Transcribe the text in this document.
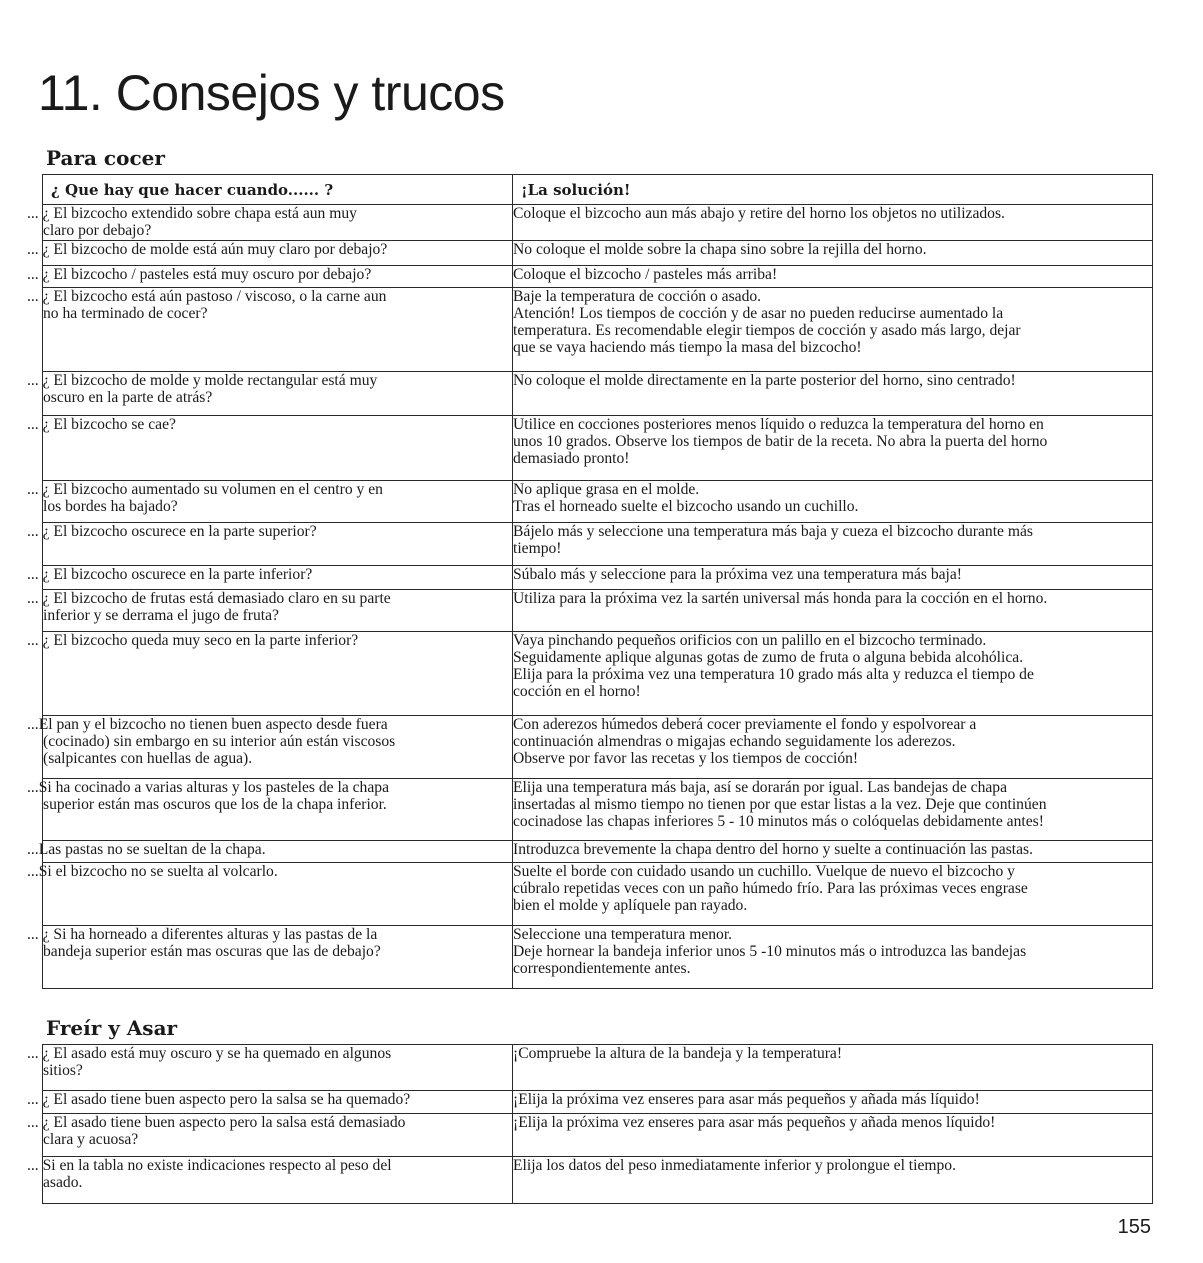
11. Consejos y trucos
Para cocer
¿ Que hay que hacer cuando...... ?	¡La solución!
... ¿ El bizcocho extendido sobre chapa está aun muy
claro por debajo?	Coloque el bizcocho aun más abajo y retire del horno los objetos no utilizados.
... ¿ El bizcocho de molde está aún muy claro por debajo?	No coloque el molde sobre la chapa sino sobre la rejilla del horno.
... ¿ El bizcocho / pasteles está muy oscuro por debajo?	Coloque el bizcocho / pasteles más arriba!
... ¿ El bizcocho está aún pastoso / viscoso, o la carne aun
no ha terminado de cocer?	Baje la temperatura de cocción o asado.
Atención! Los tiempos de cocción y de asar no pueden reducirse aumentado la
temperatura. Es recomendable elegir tiempos de cocción y asado más largo, dejar
que se vaya haciendo más tiempo la masa del bizcocho!
... ¿ El bizcocho de molde y molde rectangular está muy
oscuro en la parte de atrás?	No coloque el molde directamente en la parte posterior del horno, sino centrado!
... ¿ El bizcocho se cae?	Utilice en cocciones posteriores menos líquido o reduzca la temperatura del horno en
unos 10 grados. Observe los tiempos de batir de la receta. No abra la puerta del horno
demasiado pronto!
... ¿ El bizcocho aumentado su volumen en el centro y en
los bordes ha bajado?	No aplique grasa en el molde.
Tras el horneado suelte el bizcocho usando un cuchillo.
... ¿ El bizcocho oscurece en la parte superior?	Bájelo más y seleccione una temperatura más baja y cueza el bizcocho durante más
tiempo!
... ¿ El bizcocho oscurece en la parte inferior?	Súbalo más y seleccione para la próxima vez una temperatura más baja!
... ¿ El bizcocho de frutas está demasiado claro en su parte
inferior y se derrama el jugo de fruta?	Utiliza para la próxima vez la sartén universal más honda para la cocción en el horno.
... ¿ El bizcocho queda muy seco en la parte inferior?	Vaya pinchando pequeños orificios con un palillo en el bizcocho terminado.
Seguidamente aplique algunas gotas de zumo de fruta o alguna bebida alcohólica.
Elija para la próxima vez una temperatura 10 grado más alta y reduzca el tiempo de
cocción en el horno!
...El pan y el bizcocho no tienen buen aspecto desde fuera
(cocinado) sin embargo en su interior aún están viscosos
(salpicantes con huellas de agua).	Con aderezos húmedos deberá cocer previamente el fondo y espolvorear a
continuación almendras o migajas echando seguidamente los aderezos.
Observe por favor las recetas y los tiempos de cocción!
...Si ha cocinado a varias alturas y los pasteles de la chapa
superior están mas oscuros que los de la chapa inferior.	Elija una temperatura más baja, así se dorarán por igual. Las bandejas de chapa
insertadas al mismo tiempo no tienen por que estar listas a la vez. Deje que continúen
cocinadose las chapas inferiores 5 - 10 minutos más o colóquelas debidamente antes!
...Las pastas no se sueltan de la chapa.	Introduzca brevemente la chapa dentro del horno y suelte a continuación las pastas.
...Si el bizcocho no se suelta al volcarlo.	Suelte el borde con cuidado usando un cuchillo. Vuelque de nuevo el bizcocho y
cúbralo repetidas veces con un paño húmedo frío. Para las próximas veces engrase
bien el molde y aplíquele pan rayado.
... ¿ Si ha horneado a diferentes alturas y las pastas de la
bandeja superior están mas oscuras que las de debajo?	Seleccione una temperatura menor.
Deje hornear la bandeja inferior unos 5 -10 minutos más o introduzca las bandejas
correspondientemente antes.
Freír y Asar
... ¿ El asado está muy oscuro y se ha quemado en algunos
sitios?	¡Compruebe la altura de la bandeja y la temperatura!
... ¿ El asado tiene buen aspecto pero la salsa se ha quemado?	¡Elija la próxima vez enseres para asar más pequeños y añada más líquido!
... ¿ El asado tiene buen aspecto pero la salsa está demasiado
clara y acuosa?	¡Elija la próxima vez enseres para asar más pequeños y añada menos líquido!
... Si en la tabla no existe indicaciones respecto al peso del
asado.	Elija los datos del peso inmediatamente inferior y prolongue el tiempo.
155
